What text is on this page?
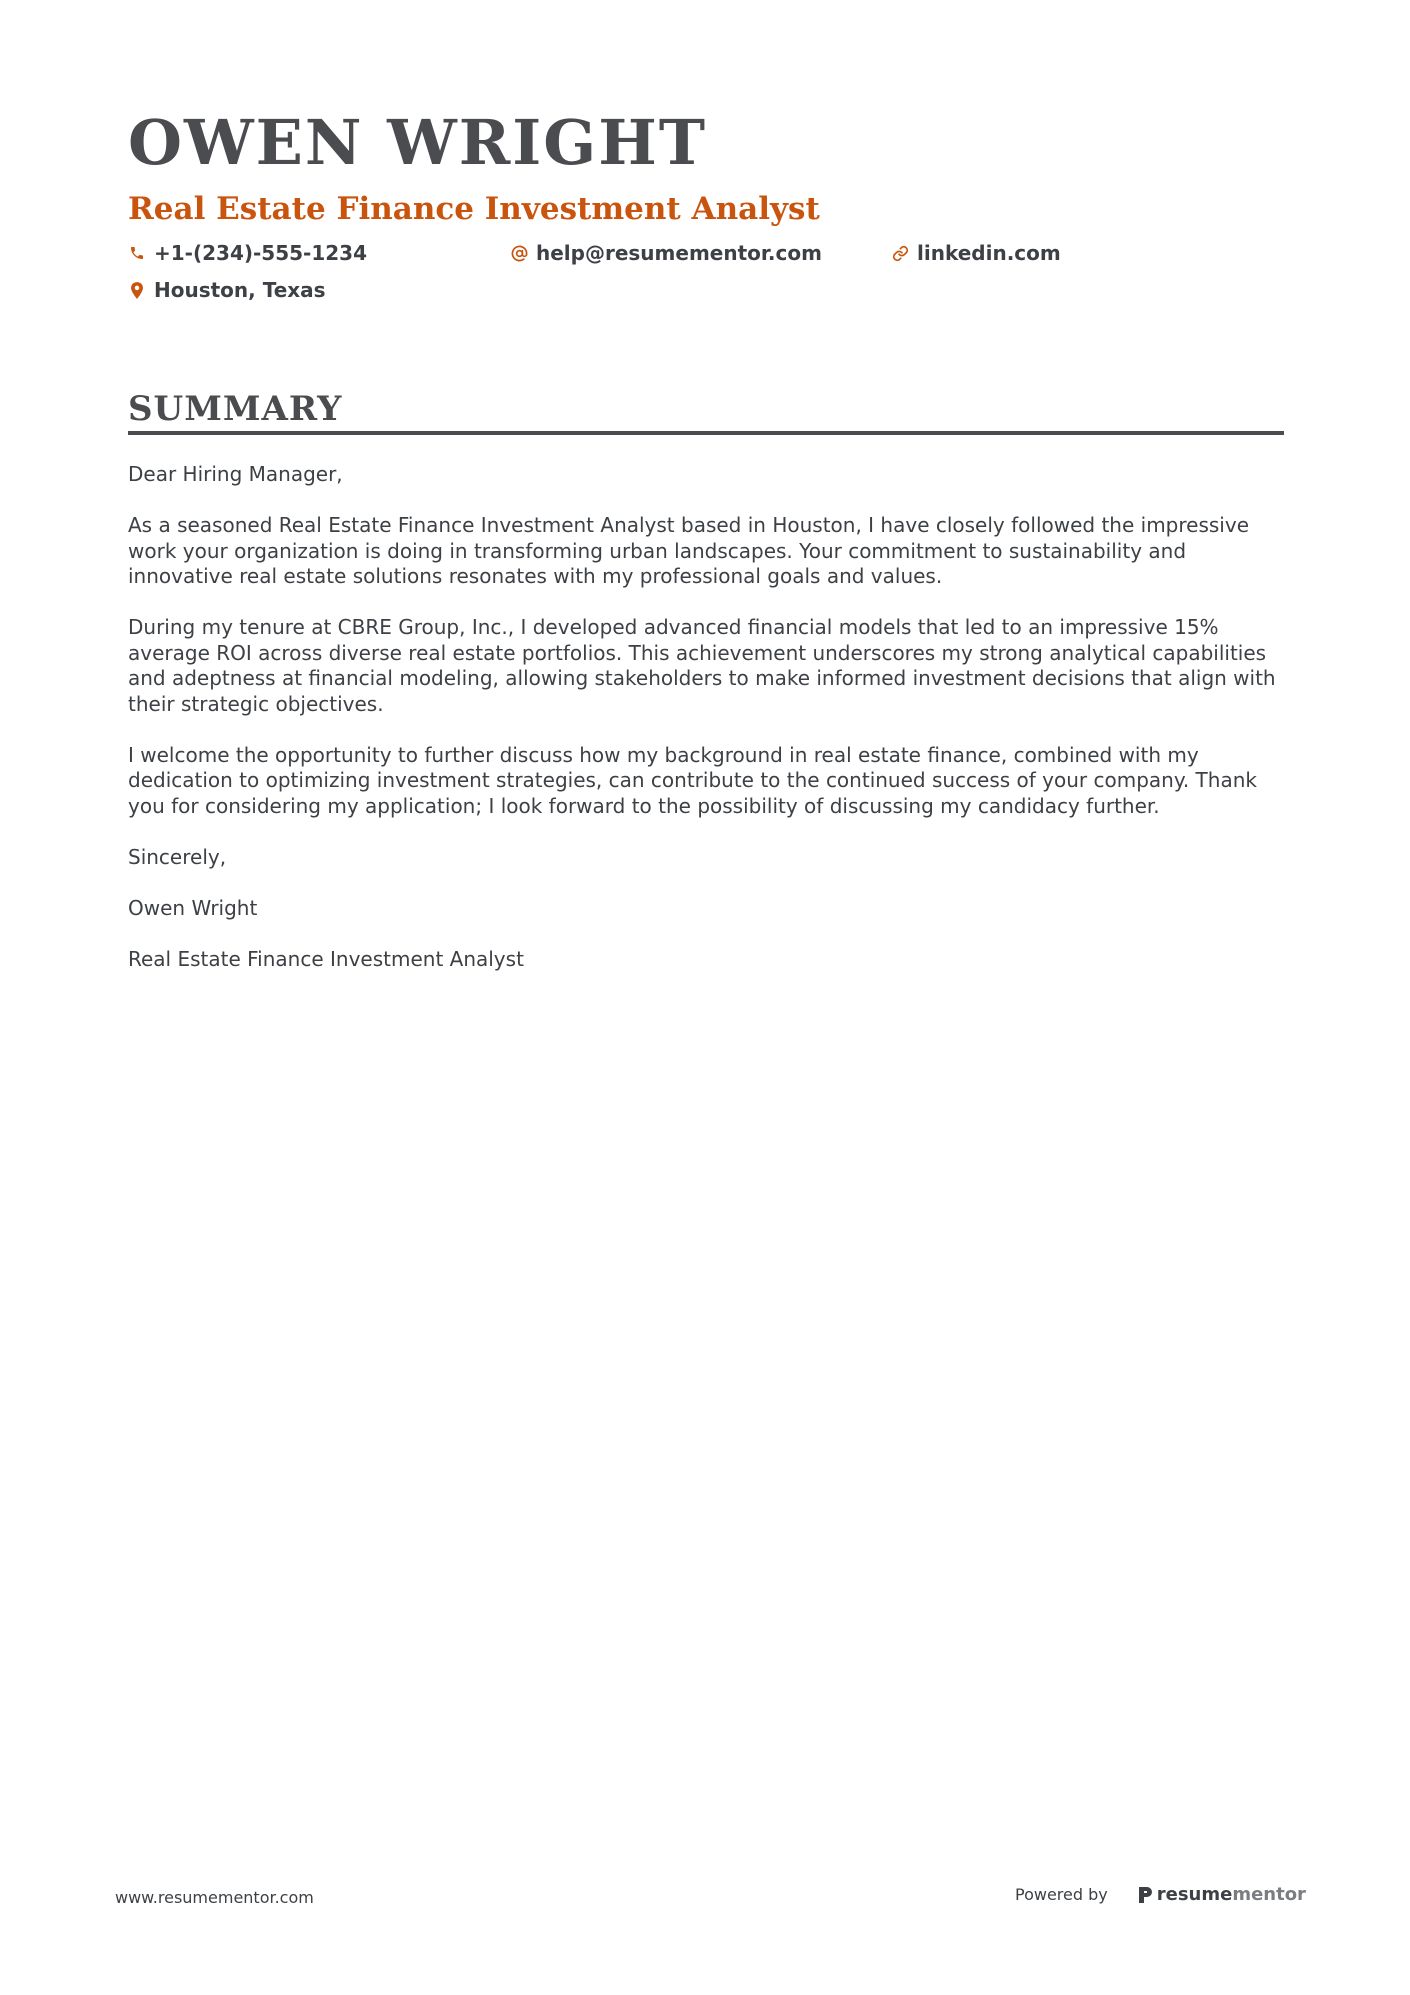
OWEN WRIGHT
Real Estate Finance Investment Analyst
+1-(234)-555-1234	help@resumementor.com	linkedin.com
Houston, Texas
SUMMARY

Dear Hiring Manager,

As a seasoned Real Estate Finance Investment Analyst based in Houston, I have closely followed the impressive work your organization is doing in transforming urban landscapes. Your commitment to sustainability and innovative real estate solutions resonates with my professional goals and values.

During my tenure at CBRE Group, Inc., I developed advanced financial models that led to an impressive 15% average ROI across diverse real estate portfolios. This achievement underscores my strong analytical capabilities and adeptness at financial modeling, allowing stakeholders to make informed investment decisions that align with their strategic objectives.

I welcome the opportunity to further discuss how my background in real estate finance, combined with my dedication to optimizing investment strategies, can contribute to the continued success of your company. Thank you for considering my application; I look forward to the possibility of discussing my candidacy further.

Sincerely,

Owen Wright

Real Estate Finance Investment Analyst

www.resumementor.com	Powered by	resume mentor
